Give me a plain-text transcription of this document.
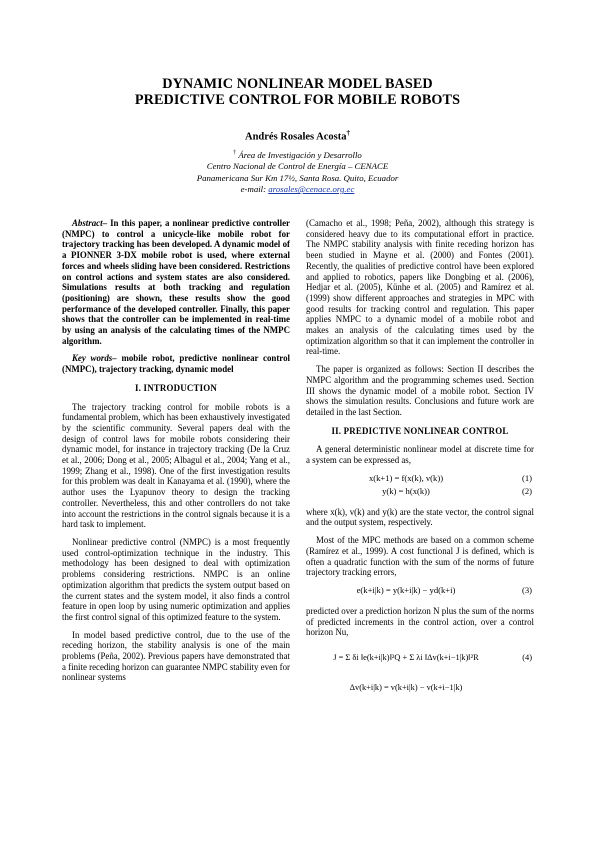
DYNAMIC NONLINEAR MODEL BASED
PREDICTIVE CONTROL FOR MOBILE ROBOTS
Andrés Rosales Acosta†
† Área de Investigación y Desarrollo
Centro Nacional de Control de Energía – CENACE
Panamericana Sur Km 17½, Santa Rosa. Quito, Ecuador
e-mail: arosales@cenace.org.ec

Abstract– In this paper, a nonlinear predictive controller (NMPC) to control a unicycle-like mobile robot for trajectory tracking has been developed. A dynamic model of a PIONNER 3-DX mobile robot is used, where external forces and wheels sliding have been considered. Restrictions on control actions and system states are also considered. Simulations results at both tracking and regulation (positioning) are shown, these results show the good performance of the developed controller. Finally, this paper shows that the controller can be implemented in real-time by using an analysis of the calculating times of the NMPC algorithm.

Key words– mobile robot, predictive nonlinear control (NMPC), trajectory tracking, dynamic model

I. INTRODUCTION

The trajectory tracking control for mobile robots is a fundamental problem, which has been exhaustively investigated by the scientific community. Several papers deal with the design of control laws for mobile robots considering their dynamic model, for instance in trajectory tracking (De la Cruz et al., 2006; Dong et al., 2005; Albagul et al., 2004; Yang et al., 1999; Zhang et al., 1998). One of the first investigation results for this problem was dealt in Kanayama et al. (1990), where the author uses the Lyapunov theory to design the tracking controller. Nevertheless, this and other controllers do not take into account the restrictions in the control signals because it is a hard task to implement.

Nonlinear predictive control (NMPC) is a most frequently used control-optimization technique in the industry. This methodology has been designed to deal with optimization problems considering restrictions. NMPC is an online optimization algorithm that predicts the system output based on the current states and the system model, it also finds a control feature in open loop by using numeric optimization and applies the first control signal of this optimized feature to the system.

In model based predictive control, due to the use of the receding horizon, the stability analysis is one of the main problems (Peña, 2002). Previous papers have demonstrated that a finite receding horizon can guarantee NMPC stability even for nonlinear systems

(Camacho et al., 1998; Peña, 2002), although this strategy is considered heavy due to its computational effort in practice. The NMPC stability analysis with finite receding horizon has been studied in Mayne et al. (2000) and Fontes (2001). Recently, the qualities of predictive control have been explored and applied to robotics, papers like Dongbing et al. (2006), Hedjar et al. (2005), Künhe et al. (2005) and Ramírez et al. (1999) show different approaches and strategies in MPC with good results for tracking control and regulation. This paper applies NMPC to a dynamic model of a mobile robot and makes an analysis of the calculating times used by the optimization algorithm so that it can implement the controller in real-time.

The paper is organized as follows: Section II describes the NMPC algorithm and the programming schemes used. Section III shows the dynamic model of a mobile robot. Section IV shows the simulation results. Conclusions and future work are detailed in the last Section.

II. PREDICTIVE NONLINEAR CONTROL

A general deterministic nonlinear model at discrete time for a system can be expressed as,

x(k+1) = f(x(k), v(k))	(1)
y(k) = h(x(k))	(2)

where x(k), v(k) and y(k) are the state vector, the control signal and the output system, respectively.

Most of the MPC methods are based on a common scheme (Ramírez et al., 1999). A cost functional J is defined, which is often a quadratic function with the sum of the norms of future trajectory tracking errors,

e(k+i|k) = y(k+i|k) − yd(k+i)	(3)

predicted over a prediction horizon N plus the sum of the norms of predicted increments in the control action, over a control horizon Nu,

J = Σ δi ‖e(k+i|k)‖²Q + Σ λi ‖Δv(k+i−1|k)‖²R	(4)
Δv(k+i|k) = v(k+i|k) − v(k+i−1|k)
